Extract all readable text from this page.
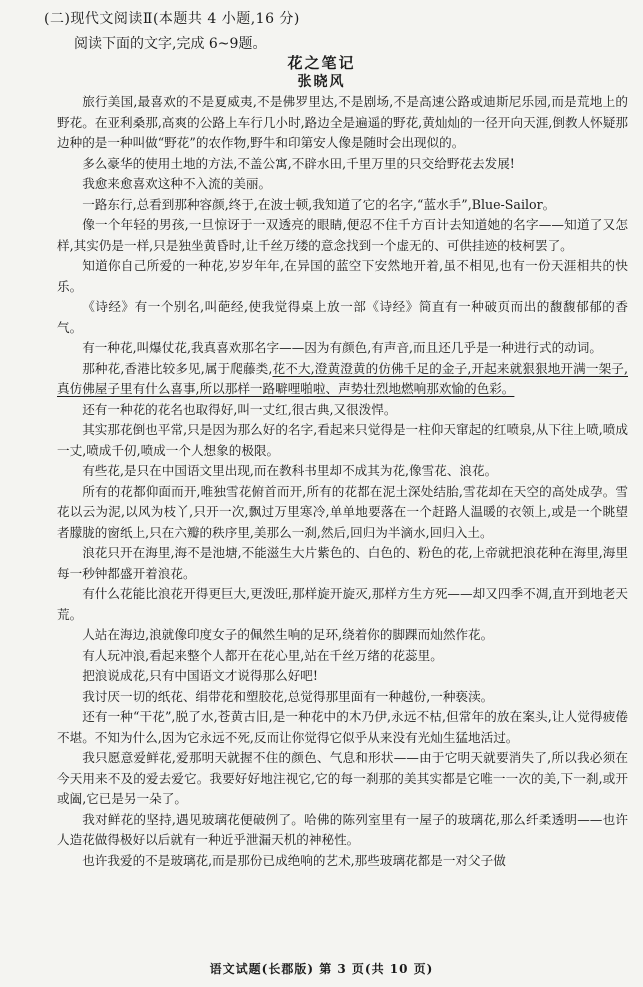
(二)现代文阅读Ⅱ(本题共 4 小题,16 分)
阅读下面的文字,完成 6~9题。
花之笔记
张晓风

旅行美国,最喜欢的不是夏威夷,不是佛罗里达,不是剧场,不是高速公路或迪斯尼乐园,而是荒地上的野花。在亚利桑那,高爽的公路上车行几小时,路边全是遍遥的野花,黄灿灿的一径开向天涯,倒教人怀疑那边种的是一种叫做“野花”的农作物,野牛和印第安人像是随时会出现似的。

多么豪华的使用土地的方法,不盖公寓,不辟水田,千里万里的只交给野花去发展!

我愈来愈喜欢这种不入流的美丽。

一路东行,总看到那种容颜,终于,在波士顿,我知道了它的名字,“蓝水手”,Blue-Sailor。

像一个年轻的男孩,一旦惊讶于一双透亮的眼睛,便忍不住千方百计去知道她的名字——知道了又怎样,其实仍是一样,只是独坐黄昏时,让千丝万缕的意念找到一个虚无的、可供挂迹的枝柯罢了。

知道你自己所爱的一种花,岁岁年年,在异国的蓝空下安然地开着,虽不相见,也有一份天涯相共的快乐。

《诗经》有一个别名,叫葩经,使我觉得桌上放一部《诗经》简直有一种破页而出的馥馥郁郁的香气。

有一种花,叫爆仗花,我真喜欢那名字——因为有颜色,有声音,而且还几乎是一种进行式的动词。

那种花,香港比较多见,属于爬藤类,花不大,澄黄澄黄的仿佛千足的金子,开起来就狠狠地开满一架子,真仿佛屋子里有什么喜事,所以那样一路噼哩啪啦、声势壮烈地燃响那欢愉的色彩。

还有一种花的花名也取得好,叫一丈红,很古典,又很泼悍。

其实那花倒也平常,只是因为那么好的名字,看起来只觉得是一柱仰天窜起的红喷泉,从下往上喷,喷成一丈,喷成千仞,喷成一个人想象的极限。

有些花,是只在中国语文里出现,而在教科书里却不成其为花,像雪花、浪花。

所有的花都仰面而开,唯独雪花俯首而开,所有的花都在泥土深处结胎,雪花却在天空的高处成孕。雪花以云为泥,以风为枝丫,只开一次,飘过万里寒冷,单单地要落在一个赶路人温暖的衣领上,或是一个眺望者朦胧的窗纸上,只在六瓣的秩序里,美那么一刹,然后,回归为半滴水,回归入土。

浪花只开在海里,海不是池塘,不能滋生大片紫色的、白色的、粉色的花,上帝就把浪花种在海里,海里每一秒钟都盛开着浪花。

有什么花能比浪花开得更巨大,更泼旺,那样旋开旋灭,那样方生方死——却又四季不凋,直开到地老天荒。

人站在海边,浪就像印度女子的佩然生响的足环,绕着你的脚踝而灿然作花。

有人玩冲浪,看起来整个人都开在花心里,站在千丝万绪的花蕊里。

把浪说成花,只有中国语文才说得那么好吧!

我讨厌一切的纸花、绢带花和塑胶花,总觉得那里面有一种越份,一种亵渎。

还有一种“干花”,脱了水,苍黄古旧,是一种花中的木乃伊,永远不枯,但常年的放在案头,让人觉得疲倦不堪。不知为什么,因为它永远不死,反而让你觉得它似乎从来没有光灿生猛地活过。

我只愿意爱鲜花,爱那明天就握不住的颜色、气息和形状——由于它明天就要消失了,所以我必须在今天用来不及的爱去爱它。我要好好地注视它,它的每一刹那的美其实都是它唯一一次的美,下一刹,或开或阖,它已是另一朵了。

我对鲜花的坚持,遇见玻璃花便破例了。哈佛的陈列室里有一屋子的玻璃花,那么纤柔透明——也许人造花做得极好以后就有一种近乎泄漏天机的神秘性。

也许我爱的不是玻璃花,而是那份已成绝响的艺术,那些玻璃花都是一对父子做

语文试题(长郡版) 第 3 页(共 10 页)
